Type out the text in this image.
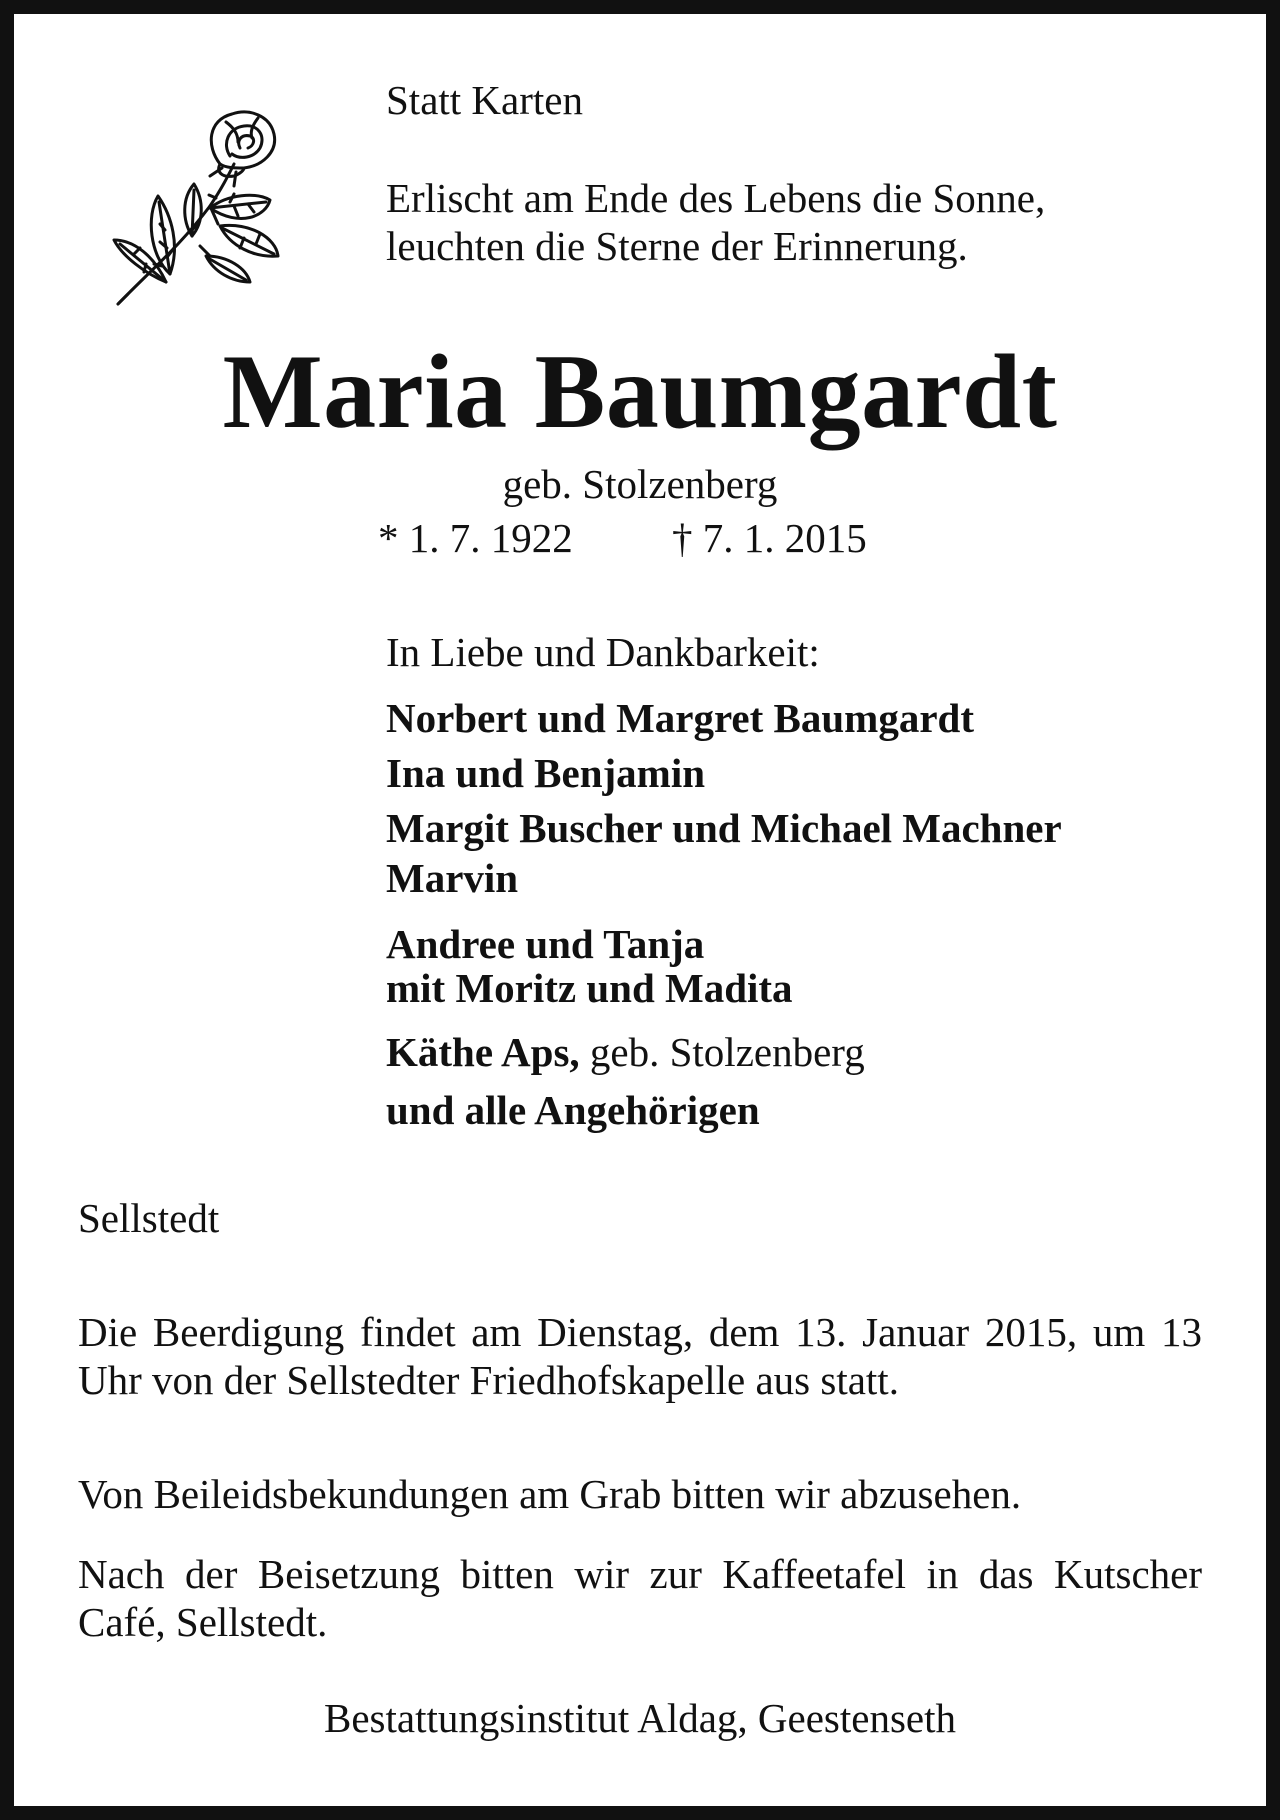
Statt Karten
Erlischt am Ende des Lebens die Sonne,
leuchten die Sterne der Erinnerung.
Maria Baumgardt
geb. Stolzenberg
* 1. 7. 1922 † 7. 1. 2015
In Liebe und Dankbarkeit:
Norbert und Margret Baumgardt
Ina und Benjamin
Margit Buscher und Michael Machner
Marvin
Andree und Tanja
mit Moritz und Madita
Käthe Aps, geb. Stolzenberg
und alle Angehörigen
Sellstedt
Die Beerdigung findet am Dienstag, dem 13. Januar 2015, um 13 Uhr von der Sellstedter Friedhofskapelle aus statt.
Von Beileidsbekundungen am Grab bitten wir abzusehen.
Nach der Beisetzung bitten wir zur Kaffeetafel in das Kutscher Café, Sellstedt.
Bestattungsinstitut Aldag, Geestenseth
